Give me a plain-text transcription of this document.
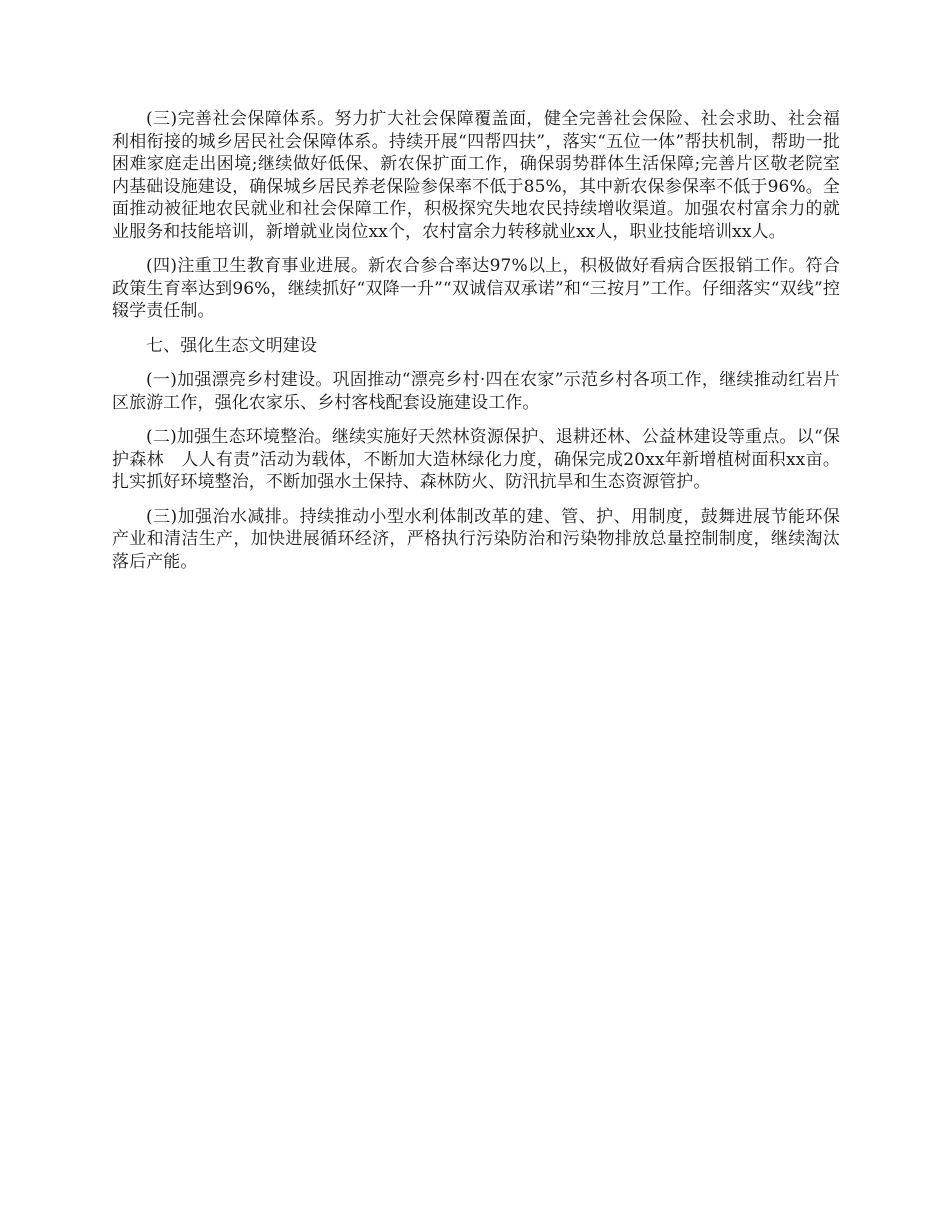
(三)完善社会保障体系。努力扩大社会保障覆盖面，健全完善社会保险、社会求助、社会福利相衔接的城乡居民社会保障体系。持续开展“四帮四扶”，落实“五位一体”帮扶机制，帮助一批困难家庭走出困境;继续做好低保、新农保扩面工作，确保弱势群体生活保障;完善片区敬老院室内基础设施建设，确保城乡居民养老保险参保率不低于85%，其中新农保参保率不低于96%。全面推动被征地农民就业和社会保障工作，积极探究失地农民持续增收渠道。加强农村富余力的就业服务和技能培训，新增就业岗位xx个，农村富余力转移就业xx人，职业技能培训xx人。

(四)注重卫生教育事业进展。新农合参合率达97%以上，积极做好看病合医报销工作。符合政策生育率达到96%，继续抓好“双降一升”“双诚信双承诺”和“三按月”工作。仔细落实“双线”控辍学责任制。

七、强化生态文明建设

(一)加强漂亮乡村建设。巩固推动“漂亮乡村·四在农家”示范乡村各项工作，继续推动红岩片区旅游工作，强化农家乐、乡村客栈配套设施建设工作。

(二)加强生态环境整治。继续实施好天然林资源保护、退耕还林、公益林建设等重点。以“保护森林　人人有责”活动为载体，不断加大造林绿化力度，确保完成20xx年新增植树面积xx亩。扎实抓好环境整治，不断加强水土保持、森林防火、防汛抗旱和生态资源管护。

(三)加强治水减排。持续推动小型水利体制改革的建、管、护、用制度，鼓舞进展节能环保产业和清洁生产，加快进展循环经济，严格执行污染防治和污染物排放总量控制制度，继续淘汰落后产能。
